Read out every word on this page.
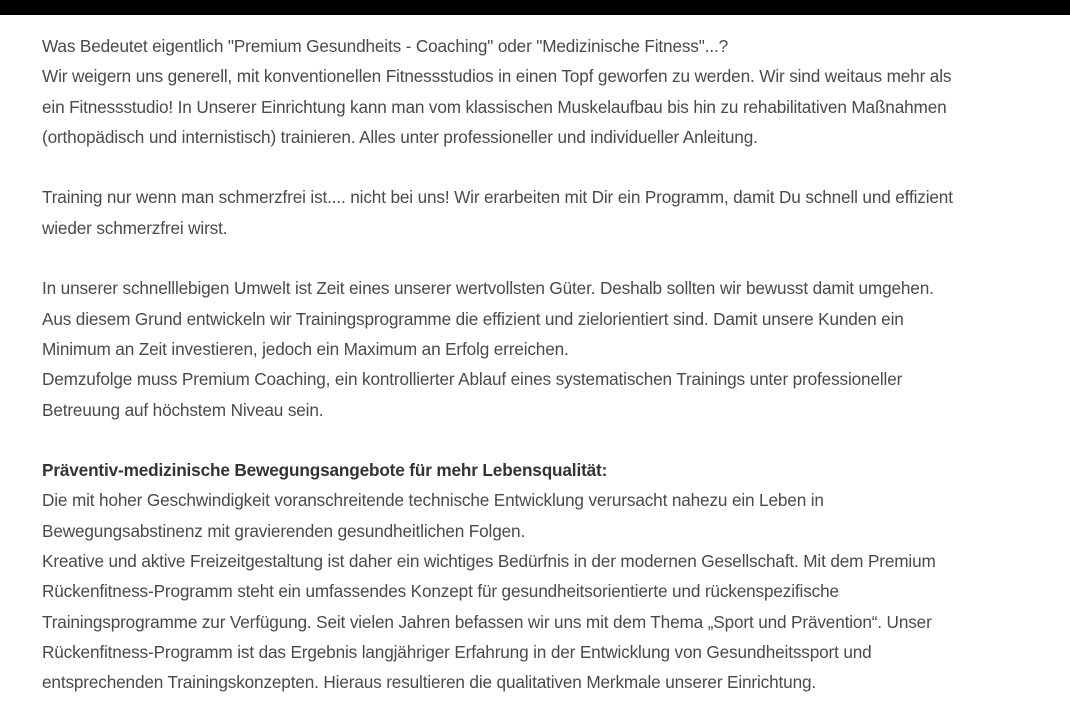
Was Bedeutet eigentlich "Premium Gesundheits - Coaching" oder "Medizinische Fitness"...?
Wir weigern uns generell, mit konventionellen Fitnessstudios in einen Topf geworfen zu werden. Wir sind weitaus mehr als
ein Fitnessstudio! In Unserer Einrichtung kann man vom klassischen Muskelaufbau bis hin zu rehabilitativen Maßnahmen
(orthopädisch und internistisch) trainieren. Alles unter professioneller und individueller Anleitung.
Training nur wenn man schmerzfrei ist.... nicht bei uns! Wir erarbeiten mit Dir ein Programm, damit Du schnell und effizient
wieder schmerzfrei wirst.
In unserer schnelllebigen Umwelt ist Zeit eines unserer wertvollsten Güter. Deshalb sollten wir bewusst damit umgehen.
Aus diesem Grund entwickeln wir Trainingsprogramme die effizient und zielorientiert sind. Damit unsere Kunden ein
Minimum an Zeit investieren, jedoch ein Maximum an Erfolg erreichen.
Demzufolge muss Premium Coaching, ein kontrollierter Ablauf eines systematischen Trainings unter professioneller
Betreuung auf höchstem Niveau sein.
Präventiv-medizinische Bewegungsangebote für mehr Lebensqualität:
Die mit hoher Geschwindigkeit voranschreitende technische Entwicklung verursacht nahezu ein Leben in
Bewegungsabstinenz mit gravierenden gesundheitlichen Folgen.
Kreative und aktive Freizeitgestaltung ist daher ein wichtiges Bedürfnis in der modernen Gesellschaft. Mit dem Premium
Rückenfitness-Programm steht ein umfassendes Konzept für gesundheitsorientierte und rückenspezifische
Trainingsprogramme zur Verfügung. Seit vielen Jahren befassen wir uns mit dem Thema „Sport und Prävention“. Unser
Rückenfitness-Programm ist das Ergebnis langjähriger Erfahrung in der Entwicklung von Gesundheitssport und
entsprechenden Trainingskonzepten. Hieraus resultieren die qualitativen Merkmale unserer Einrichtung.
